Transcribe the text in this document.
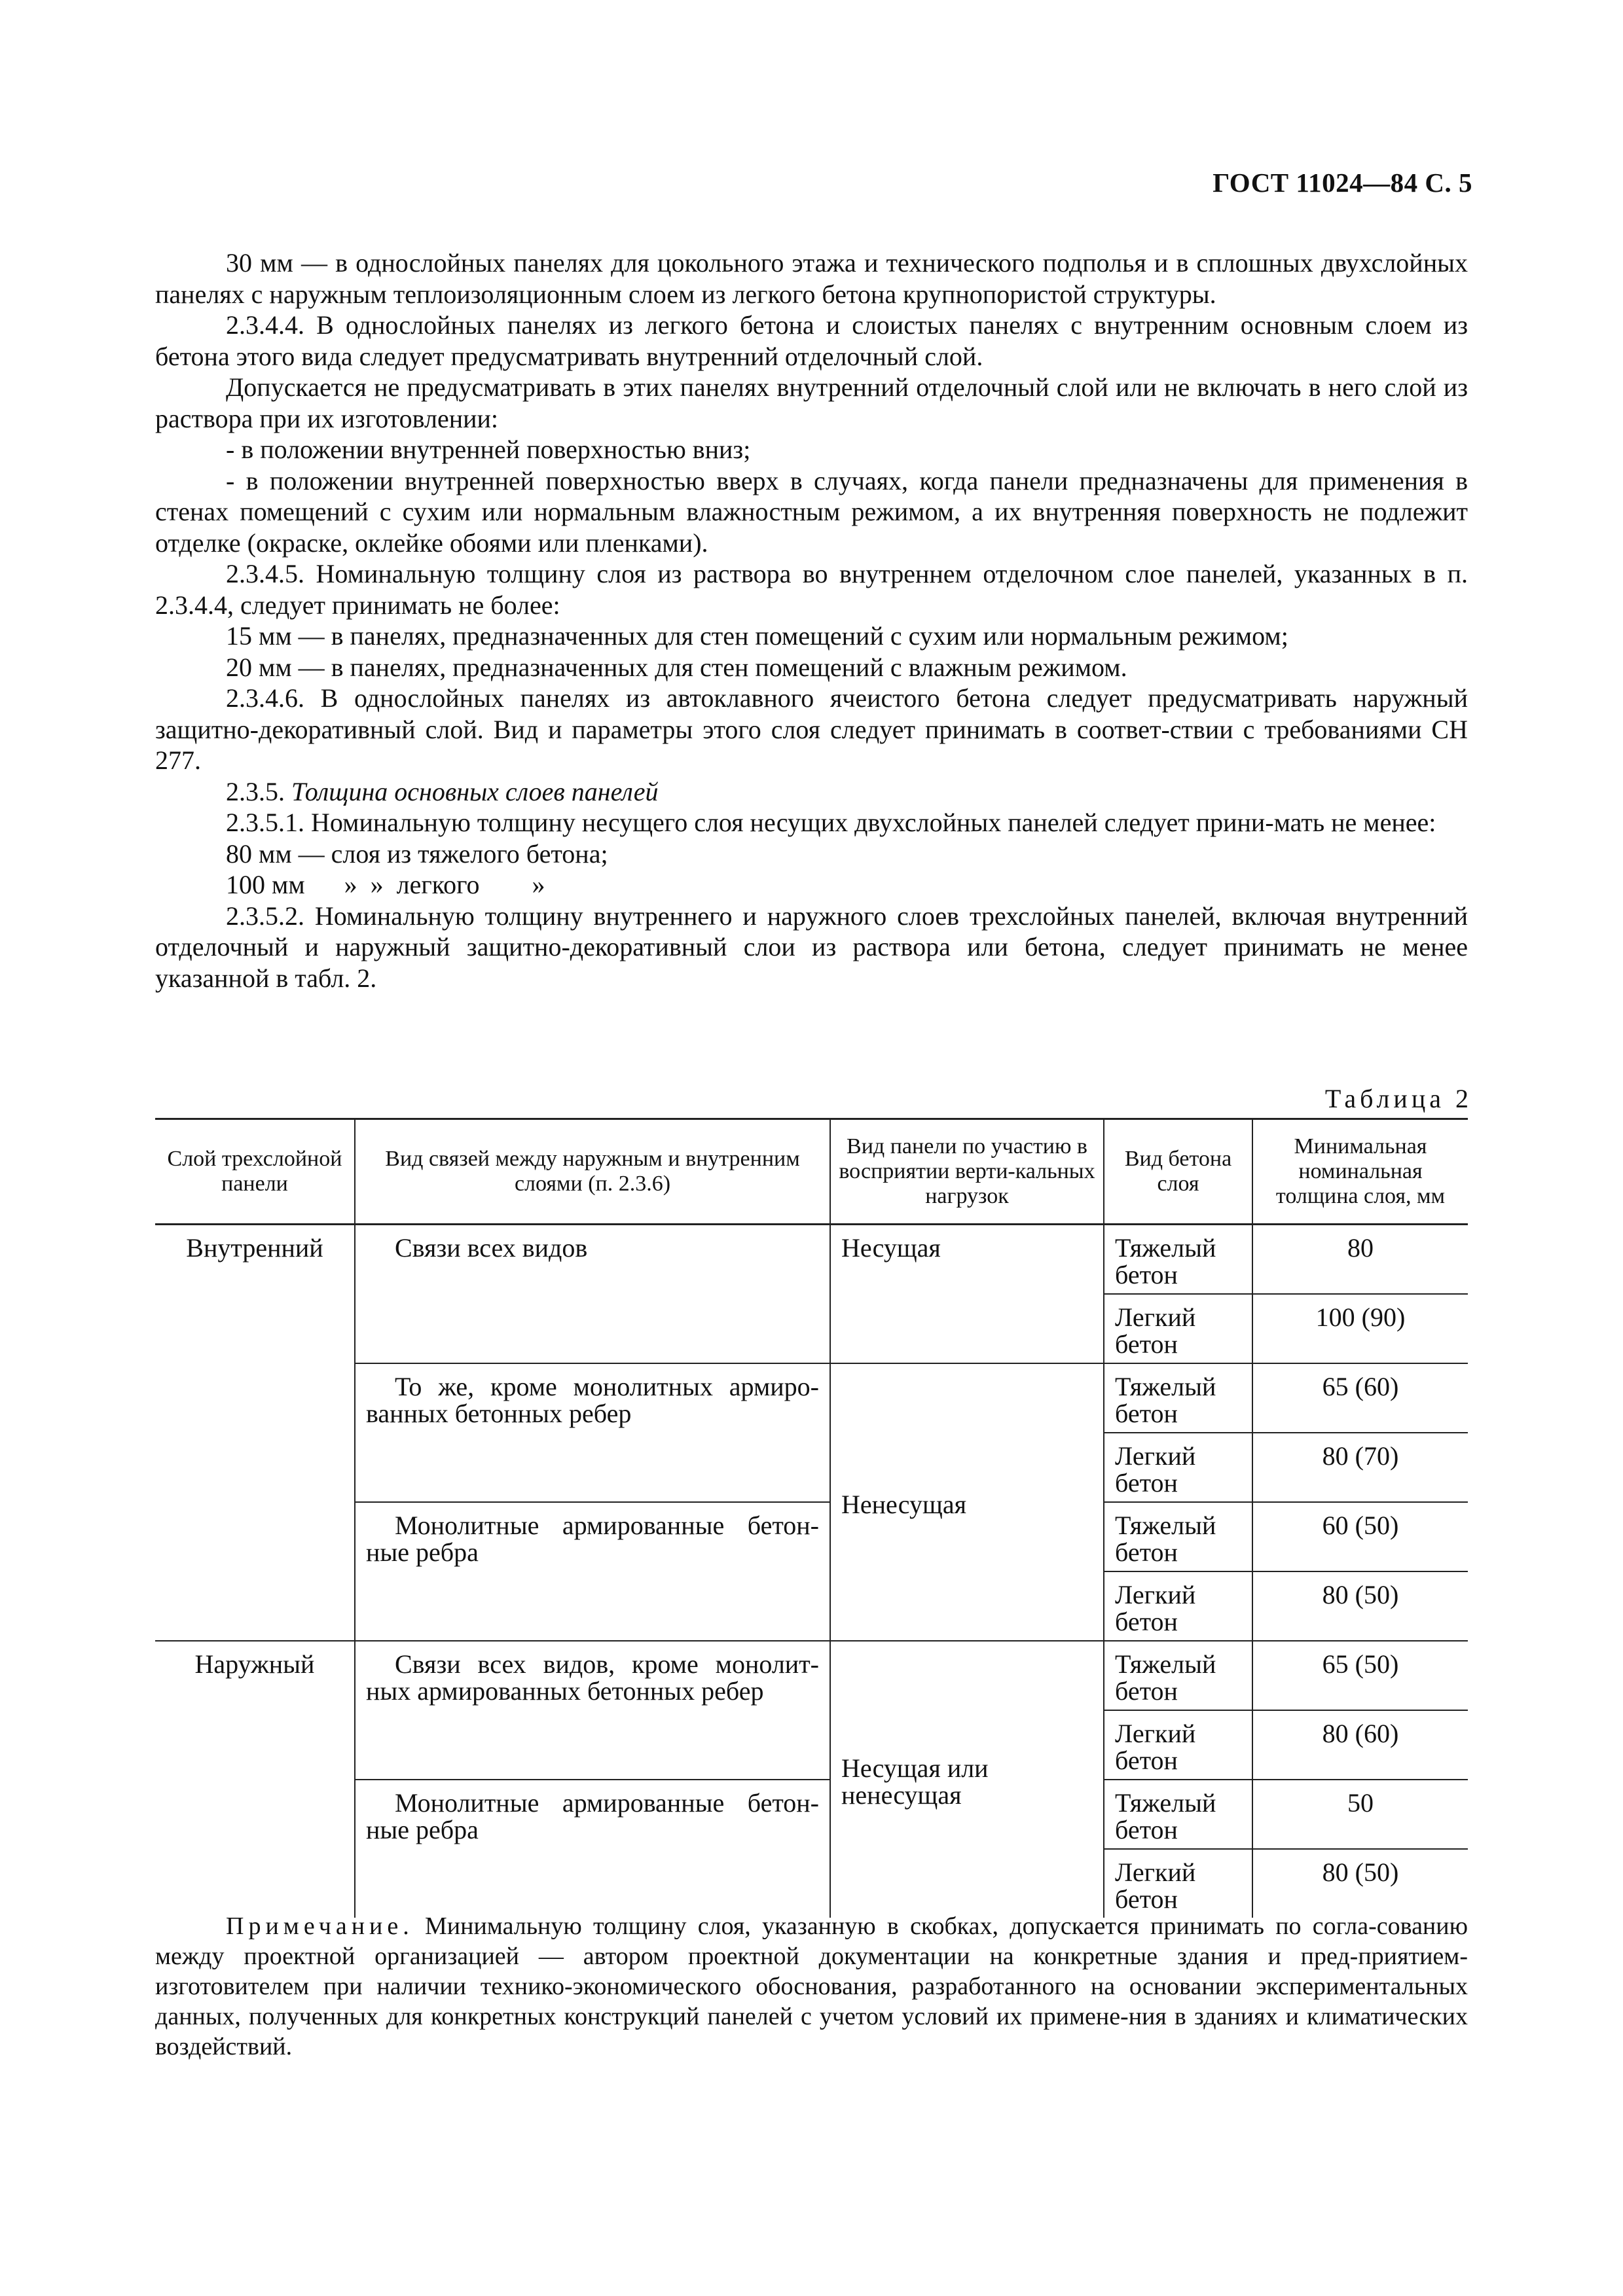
ГОСТ 11024—84 С. 5

30 мм — в однослойных панелях для цокольного этажа и технического подполья и в сплошных двухслойных панелях с наружным теплоизоляционным слоем из легкого бетона крупнопористой структуры.

2.3.4.4. В однослойных панелях из легкого бетона и слоистых панелях с внутренним основным слоем из бетона этого вида следует предусматривать внутренний отделочный слой.

Допускается не предусматривать в этих панелях внутренний отделочный слой или не включать в него слой из раствора при их изготовлении:

- в положении внутренней поверхностью вниз;

- в положении внутренней поверхностью вверх в случаях, когда панели предназначены для применения в стенах помещений с сухим или нормальным влажностным режимом, а их внутренняя поверхность не подлежит отделке (окраске, оклейке обоями или пленками).

2.3.4.5. Номинальную толщину слоя из раствора во внутреннем отделочном слое панелей, указанных в п. 2.3.4.4, следует принимать не более:

15 мм — в панелях, предназначенных для стен помещений с сухим или нормальным режимом;

20 мм — в панелях, предназначенных для стен помещений с влажным режимом.

2.3.4.6. В однослойных панелях из автоклавного ячеистого бетона следует предусматривать наружный защитно-декоративный слой. Вид и параметры этого слоя следует принимать в соответ-ствии с требованиями СН 277.

2.3.5. Толщина основных слоев панелей

2.3.5.1. Номинальную толщину несущего слоя несущих двухслойных панелей следует прини-мать не менее:

80 мм — слоя из тяжелого бетона;

100 мм      »  »  легкого        »

2.3.5.2. Номинальную толщину внутреннего и наружного слоев трехслойных панелей, включая внутренний отделочный и наружный защитно-декоративный слои из раствора или бетона, следует принимать не менее указанной в табл. 2.

Таблица 2
Слой трехслойной панели	Вид связей между наружным и внутренним слоями (п. 2.3.6)	Вид панели по участию в восприятии верти-кальных нагрузок	Вид бетона слоя	Минимальная номинальная толщина слоя, мм
Внутренний	Связи всех видов	Несущая	Тяжелый бетон	80
			Легкий бетон	100 (90)
	То же, кроме монолитных армиро-ванных бетонных ребер	Ненесущая	Тяжелый бетон	65 (60)
			Легкий бетон	80 (70)
	Монолитные армированные бетон-ные ребра		Тяжелый бетон	60 (50)
			Легкий бетон	80 (50)
Наружный	Связи всех видов, кроме монолит-ных армированных бетонных ребер	Несущая или ненесущая	Тяжелый бетон	65 (50)
			Легкий бетон	80 (60)
	Монолитные армированные бетон-ные ребра		Тяжелый бетон	50
			Легкий бетон	80 (50)
Примечание. Минимальную толщину слоя, указанную в скобках, допускается принимать по согла-сованию между проектной организацией — автором проектной документации на конкретные здания и пред-приятием-изготовителем при наличии технико-экономического обоснования, разработанного на основании экспериментальных данных, полученных для конкретных конструкций панелей с учетом условий их примене-ния в зданиях и климатических воздействий.
